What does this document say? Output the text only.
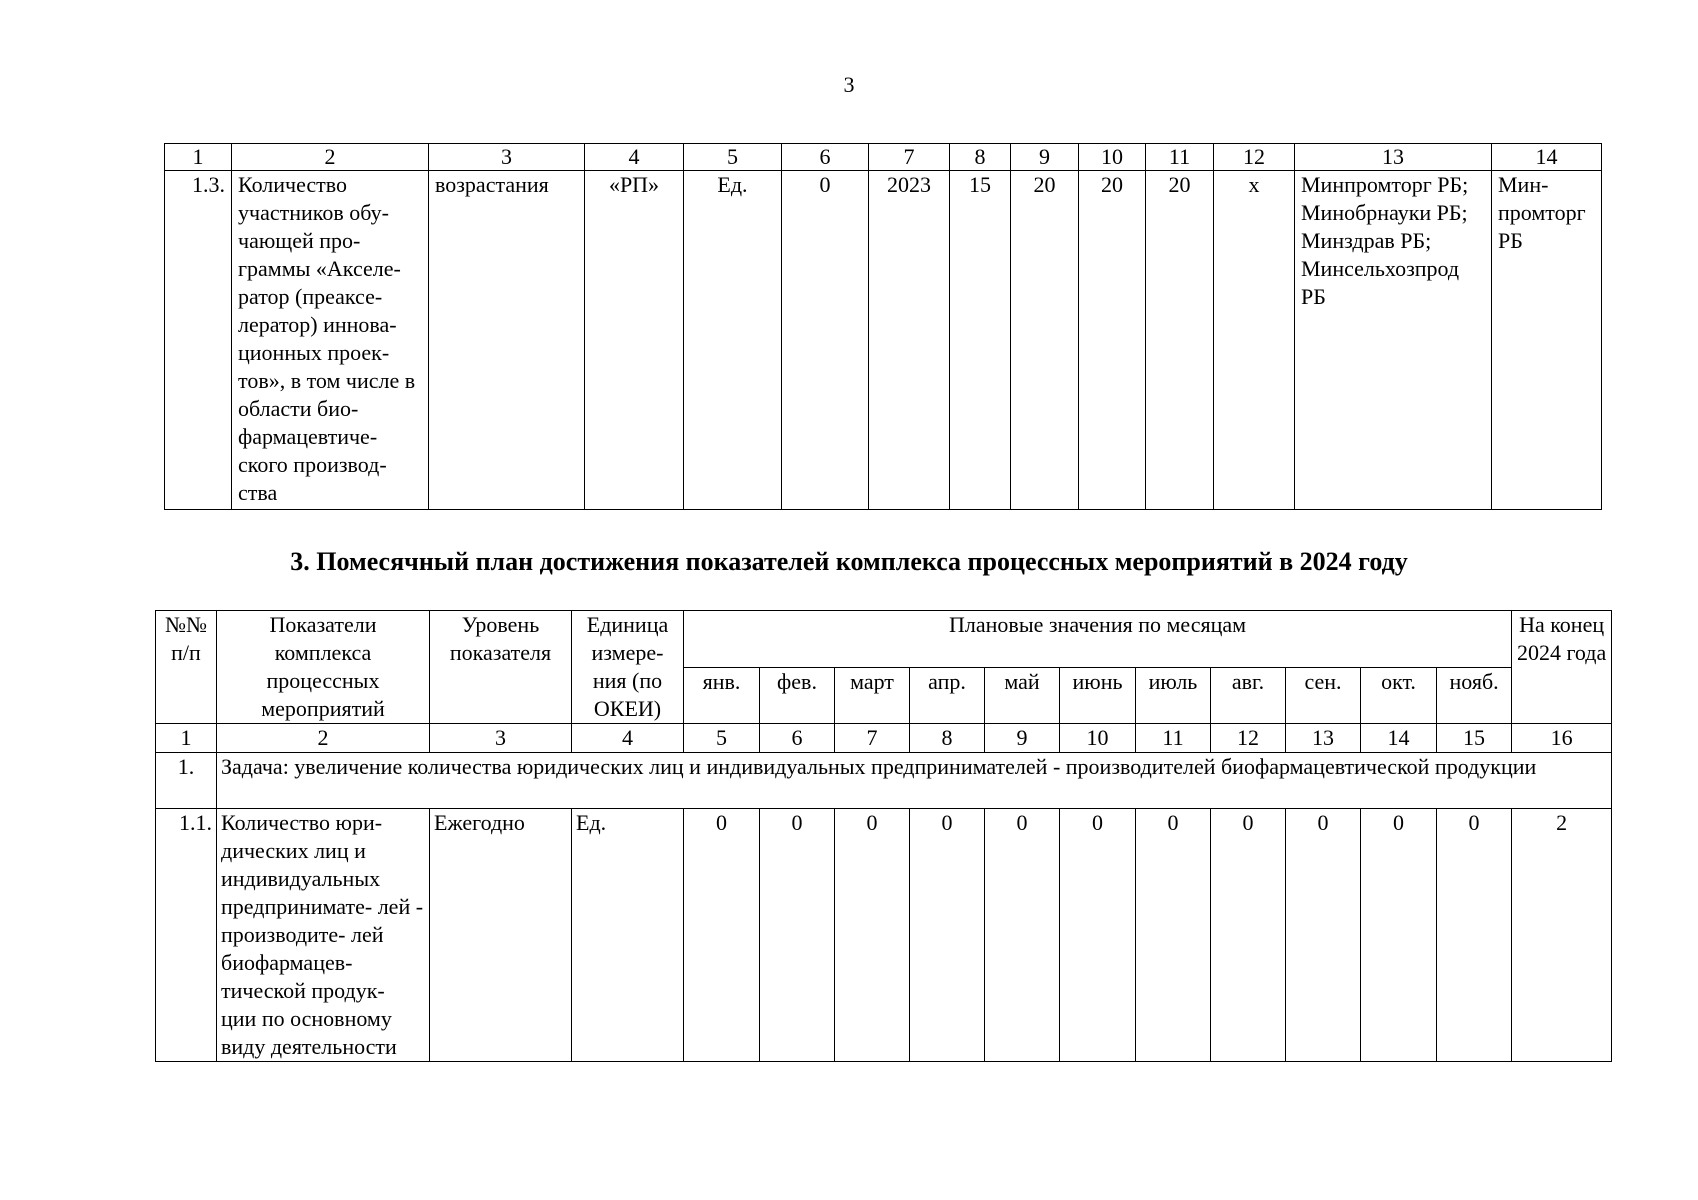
3
1	2	3	4	5	6	7	8	9	10	11	12	13	14
1.3.	Количество участников обу- чающей про- граммы «Акселе- ратор (преаксе- лератор) иннова- ционных проек- тов», в том числе в области био- фармацевтиче- ского производ- ства	возрастания	«РП»	Ед.	0	2023	15	20	20	20	х	Минпромторг РБ; Минобрнауки РБ; Минздрав РБ; Минсельхозпрод РБ	Мин- промторг РБ
3. Помесячный план достижения показателей комплекса процессных мероприятий в 2024 году
№№ п/п	Показатели комплекса процессных мероприятий	Уровень показателя	Единица измере- ния (по ОКЕИ)	Плановые значения по месяцам											На конец 2024 года
				янв.	фев.	март	апр.	май	июнь	июль	авг.	сен.	окт.	нояб.	
1	2	3	4	5	6	7	8	9	10	11	12	13	14	15	16
1.	Задача: увеличение количества юридических лиц и индивидуальных предпринимателей - производителей биофармацевтической продукции														
1.1.	Количество юри- дических лиц и индивидуальных предпринимате- лей - производите- лей биофармацев- тической продук- ции по основному виду деятельности	Ежегодно	Ед.	0	0	0	0	0	0	0	0	0	0	0	2
